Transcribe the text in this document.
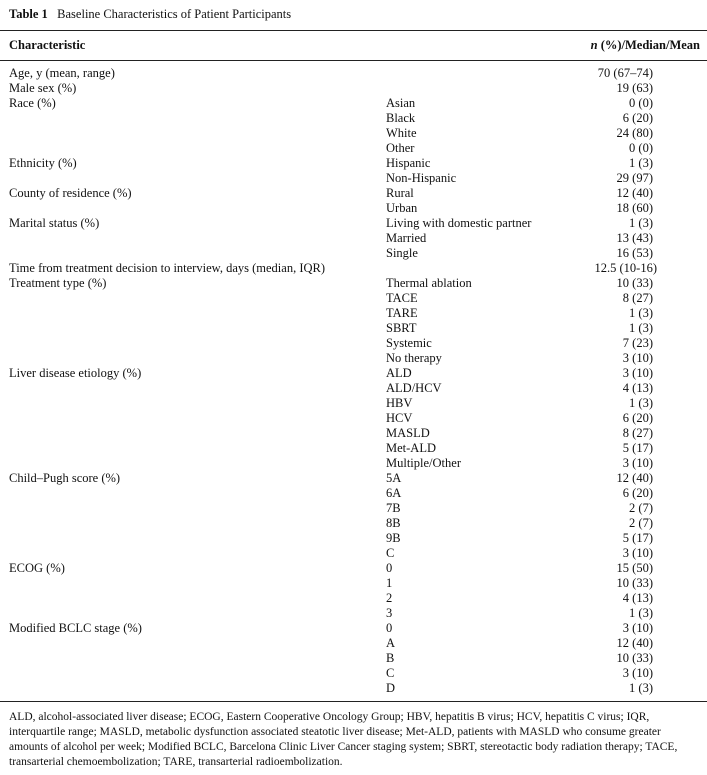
Table 1 Baseline Characteristics of Patient Participants
Characteristic	n (%)/Median/Mean
Age, y (mean, range)	70 (67–74)
Male sex (%)	19 (63)
Race (%)	Asian	0 (0)
Black	6 (20)
White	24 (80)
Other	0 (0)
Ethnicity (%)	Hispanic	1 (3)
Non-Hispanic	29 (97)
County of residence (%)	Rural	12 (40)
Urban	18 (60)
Marital status (%)	Living with domestic partner	1 (3)
Married	13 (43)
Single	16 (53)
Time from treatment decision to interview, days (median, IQR)	12.5 (10-16)
Treatment type (%)	Thermal ablation	10 (33)
TACE	8 (27)
TARE	1 (3)
SBRT	1 (3)
Systemic	7 (23)
No therapy	3 (10)
Liver disease etiology (%)	ALD	3 (10)
ALD/HCV	4 (13)
HBV	1 (3)
HCV	6 (20)
MASLD	8 (27)
Met-ALD	5 (17)
Multiple/Other	3 (10)
Child–Pugh score (%)	5A	12 (40)
6A	6 (20)
7B	2 (7)
8B	2 (7)
9B	5 (17)
C	3 (10)
ECOG (%)	0	15 (50)
1	10 (33)
2	4 (13)
3	1 (3)
Modified BCLC stage (%)	0	3 (10)
A	12 (40)
B	10 (33)
C	3 (10)
D	1 (3)
ALD, alcohol-associated liver disease; ECOG, Eastern Cooperative Oncology Group; HBV, hepatitis B virus; HCV, hepatitis C virus; IQR, interquartile range; MASLD, metabolic dysfunction associated steatotic liver disease; Met-ALD, patients with MASLD who consume greater amounts of alcohol per week; Modified BCLC, Barcelona Clinic Liver Cancer staging system; SBRT, stereotactic body radiation therapy; TACE, transarterial chemoembolization; TARE, transarterial radioembolization.
